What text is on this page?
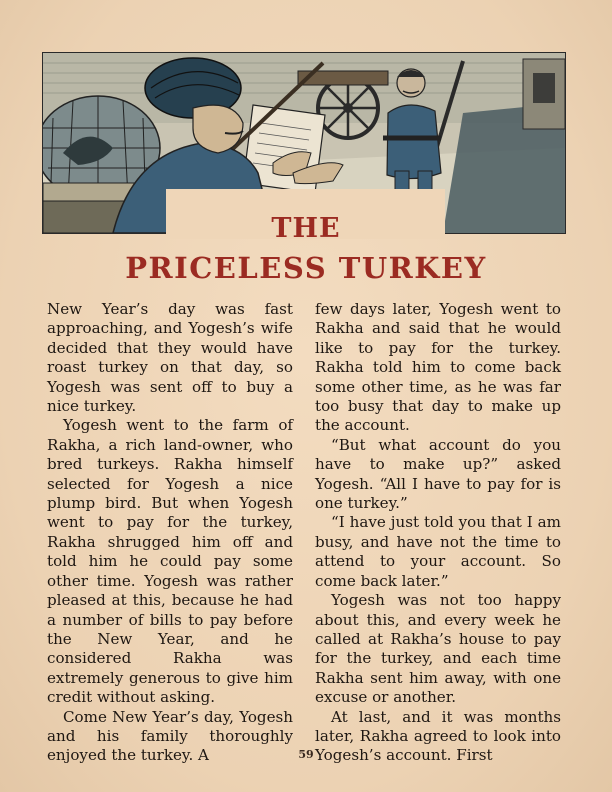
THE
PRICELESS TURKEY

New Year’s day was fast approaching, and Yogesh’s wife decided that they would have roast turkey on that day, so Yogesh was sent off to buy a nice turkey.

Yogesh went to the farm of Rakha, a rich land-owner, who bred turkeys. Rakha himself selected for Yogesh a nice plump bird. But when Yogesh went to pay for the turkey, Rakha shrugged him off and told him he could pay some other time. Yogesh was rather pleased at this, because he had a number of bills to pay before the New Year, and he considered Rakha was extremely generous to give him credit without asking.

Come New Year’s day, Yogesh and his family thoroughly enjoyed the turkey. A

few days later, Yogesh went to Rakha and said that he would like to pay for the turkey. Rakha told him to come back some other time, as he was far too busy that day to make up the account.

“But what account do you have to make up?” asked Yogesh. “All I have to pay for is one turkey.”

“I have just told you that I am busy, and have not the time to attend to your account. So come back later.”

Yogesh was not too happy about this, and every week he called at Rakha’s house to pay for the turkey, and each time Rakha sent him away, with one excuse or another.

At last, and it was months later, Rakha agreed to look into Yogesh’s account. First

59
